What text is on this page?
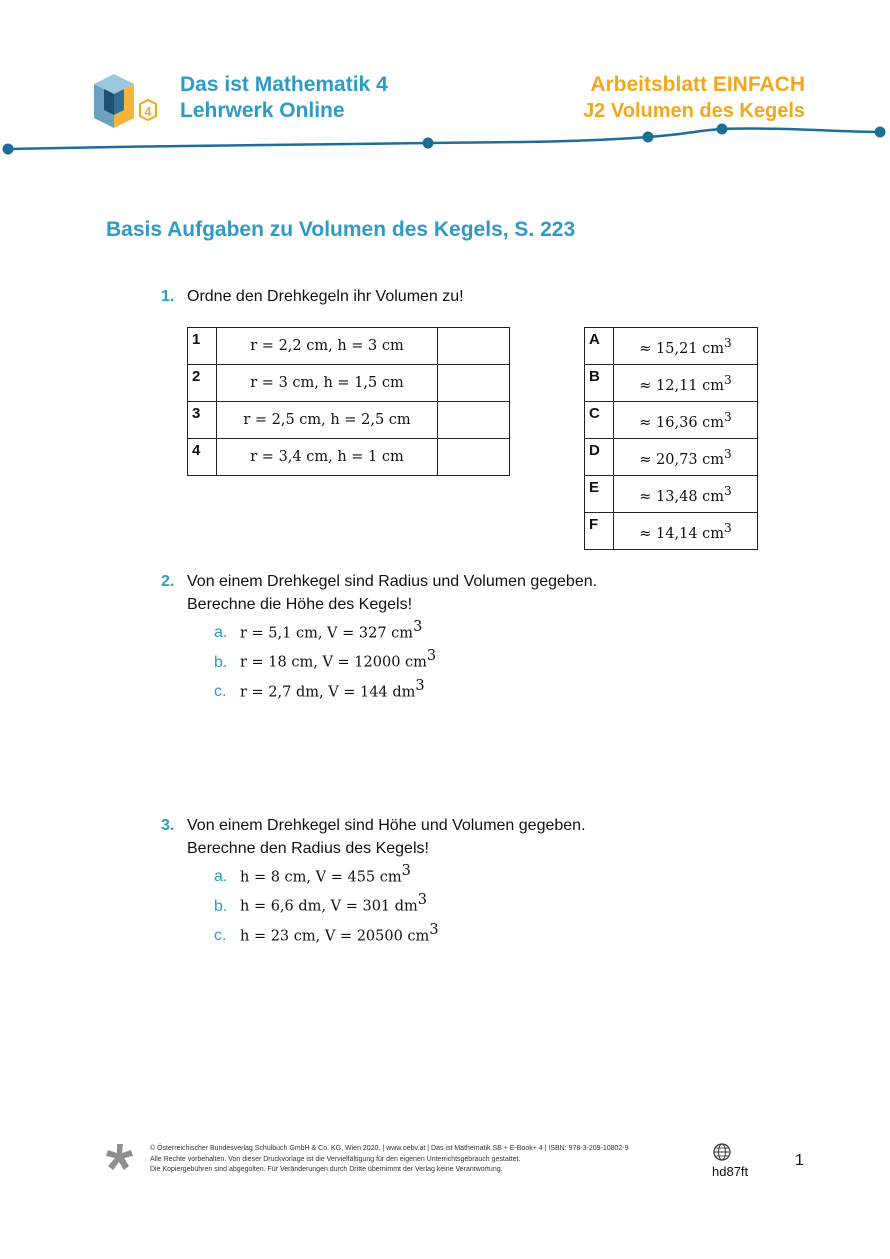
4
Das ist Mathematik 4
Lehrwerk Online
Arbeitsblatt EINFACH
J2 Volumen des Kegels
Basis Aufgaben zu Volumen des Kegels, S. 223
1. Ordne den Drehkegeln ihr Volumen zu!
1	r = 2,2 cm, h = 3 cm	
2	r = 3 cm, h = 1,5 cm	
3	r = 2,5 cm, h = 2,5 cm	
4	r = 3,4 cm, h = 1 cm	
A	≈ 15,21 $cm^3$
B	≈ 12,11 $cm^3$
C	≈ 16,36 $cm^3$
D	≈ 20,73 $cm^3$
E	≈ 13,48 $cm^3$
F	≈ 14,14 $cm^3$
2. Von einem Drehkegel sind Radius und Volumen gegeben.
Berechne die Höhe des Kegels!
a. r = 5,1 cm, V = 327 $cm^3$
b. r = 18 cm, V = 12000 $cm^3$
c. r = 2,7 dm, V = 144 $dm^3$
3. Von einem Drehkegel sind Höhe und Volumen gegeben.
Berechne den Radius des Kegels!
a. h = 8 cm, V = 455 $cm^3$
b. h = 6,6 dm, V = 301 $dm^3$
c. h = 23 cm, V = 20500 $cm^3$
© Österreichischer Bundesverlag Schulbuch GmbH & Co. KG, Wien 2020. | www.oebv.at | Das ist Mathematik SB + E-Book+ 4 | ISBN: 978-3-209-10802-9
Alle Rechte vorbehalten. Von dieser Druckvorlage ist die Vervielfältigung für den eigenen Unterrichtsgebrauch gestattet.
Die Kopiergebühren sind abgegolten. Für Veränderungen durch Dritte übernimmt der Verlag keine Verantwortung.	hd87ft
1
